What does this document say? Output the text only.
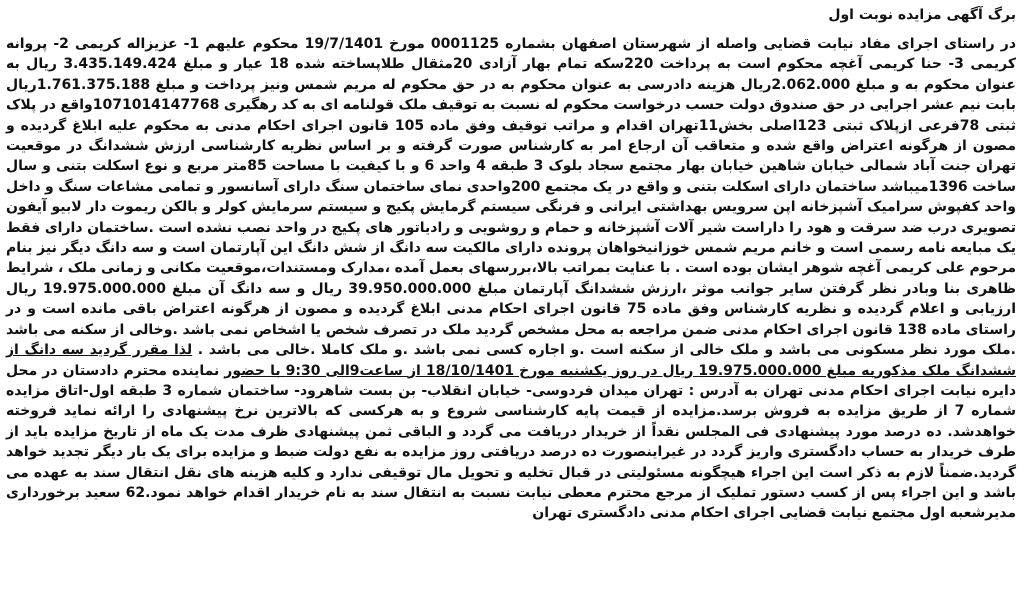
برگ آگهی مزایده نوبت اول

در راستای اجرای مفاد نیابت قضایی واصله از شهرستان اصفهان بشماره 0001125 مورخ 19/7/1401 محکوم علیهم 1- عزیزاله کریمی 2- پروانه کریمی 3- حنا کریمی آغچه محکوم است به پرداخت 220سکه تمام بهار آزادی 20مثقال طلاپساخته شده 18 عیار و مبلغ 3.435.149.424 ریال به عنوان محکوم به و مبلغ 2.062.000ریال هزینه دادرسی به عنوان محکوم به در حق محکوم له مریم شمس ونیز پرداخت و مبلغ 1.761.375.188ریال بابت نیم عشر اجرایی در حق صندوق دولت حسب درخواست محکوم له نسبت به توقیف ملک قولنامه ای به کد رهگیری 1071014147768واقع در پلاک ثبتی 78فرعی ازپلاک ثبتی 123اصلی بخش11تهران اقدام و مراتب توقیف وفق ماده 105 قانون اجرای احکام مدنی به محکوم علیه ابلاغ گردیده و مصون از هرگونه اعتراض واقع شده و متعاقب آن ارجاع امر به کارشناس صورت گرفته و بر اساس نظریه کارشناسی ارزش ششدانگ در موقعیت تهران جنت آباد شمالی خیابان شاهین خیابان بهار مجتمع سجاد بلوک 3 طبقه 4 واحد 6 و با کیفیت با مساحت 85متر مربع و نوع اسکلت بتنی و سال ساخت 1396میباشد ساختمان دارای اسکلت بتنی و واقع در یک مجتمع 200واحدی نمای ساختمان سنگ دارای آسانسور و تمامی مشاعات سنگ و داخل واحد کفپوش سرامیک آشپزخانه اپن سرویس بهداشتی ایرانی و فرنگی سیستم گرمایش پکیج و سیستم سرمایش کولر و بالکن ریموت دار لابیو آیفون تصویری درب ضد سرقت و هود را داراست شیر آلات آشپزخانه و حمام و روشویی و رادیاتور های پکیج در واحد نصب نشده است .ساختمان دارای فقط یک مبایعه نامه رسمی است و خانم مریم شمس خوزانیخواهان پرونده دارای مالکیت سه دانگ از شش دانگ این آپارتمان است و سه دانگ دیگر نیز بنام مرحوم علی کریمی آغچه شوهر ایشان بوده است . با عنایت بمراتب بالا،بررسهای بعمل آمده ،مدارک ومستندات،موقعیت مکانی و زمانی ملک ، شرایط ظاهری بنا وبادر نظر گرفتن سایر جوانب موثر ،ارزش ششدانگ آپارتمان مبلغ 39.950.000.000 ریال و سه دانگ آن مبلغ 19.975.000.000 ریال ارزیابی و اعلام گردیده و نظریه کارشناس وفق ماده 75 قانون اجرای احکام مدنی ابلاغ گردیده و مصون از هرگونه اعتراض باقی مانده است و در راستای ماده 138 قانون اجرای احکام مدنی ضمن مراجعه به محل مشخص گردید ملک در تصرف شخص یا اشخاص نمی باشد .وخالی از سکنه می باشد .ملک مورد نظر مسکونی می باشد و ملک خالی از سکنه است .و اجاره کسی نمی باشد .و ملک کاملا .خالی می باشد . لذا مقرر گردید سه دانگ از ششدانگ ملک مذکوربه مبلغ 19.975.000.000 ریال در روز یکشنبه مورخ 18/10/1401 از ساعت9الی 9:30 با حضور نماینده محترم دادستان در محل دایره نیابت اجرای احکام مدنی تهران به آدرس : تهران میدان فردوسی- خیابان انقلاب- بن بست شاهرود- ساختمان شماره 3 طبقه اول-اتاق مزایده شماره 7 از طریق مزایده به فروش برسد.مزایده از قیمت پایه کارشناسی شروع و به هرکسی که بالاترین نرخ پیشنهادی را ارائه نماید فروخته خواهدشد. ده درصد مورد پیشنهادی فی المجلس نقداً از خریدار دریافت می گردد و الباقی ثمن پیشنهادی ظرف مدت یک ماه از تاریخ مزایده باید از طرف خریدار به حساب دادگستری واریز گردد در غیراینصورت ده درصد دریافتی روز مزایده به نفع دولت ضبط و مزایده برای یک بار دیگر تجدید خواهد گردید.ضمناً لازم به ذکر است این اجراء هیچگونه مسئولیتی در قبال تخلیه و تحویل مال توقیفی ندارد و کلیه هزینه های نقل انتقال سند به عهده می باشد و این اجراء پس از کسب دستور تملیک از مرجع محترم معطی نیابت نسبت به انتقال سند به نام خریدار اقدام خواهد نمود.62 سعید برخورداری مدیرشعبه اول مجتمع نیابت قضایی اجرای احکام مدنی دادگستری تهران
